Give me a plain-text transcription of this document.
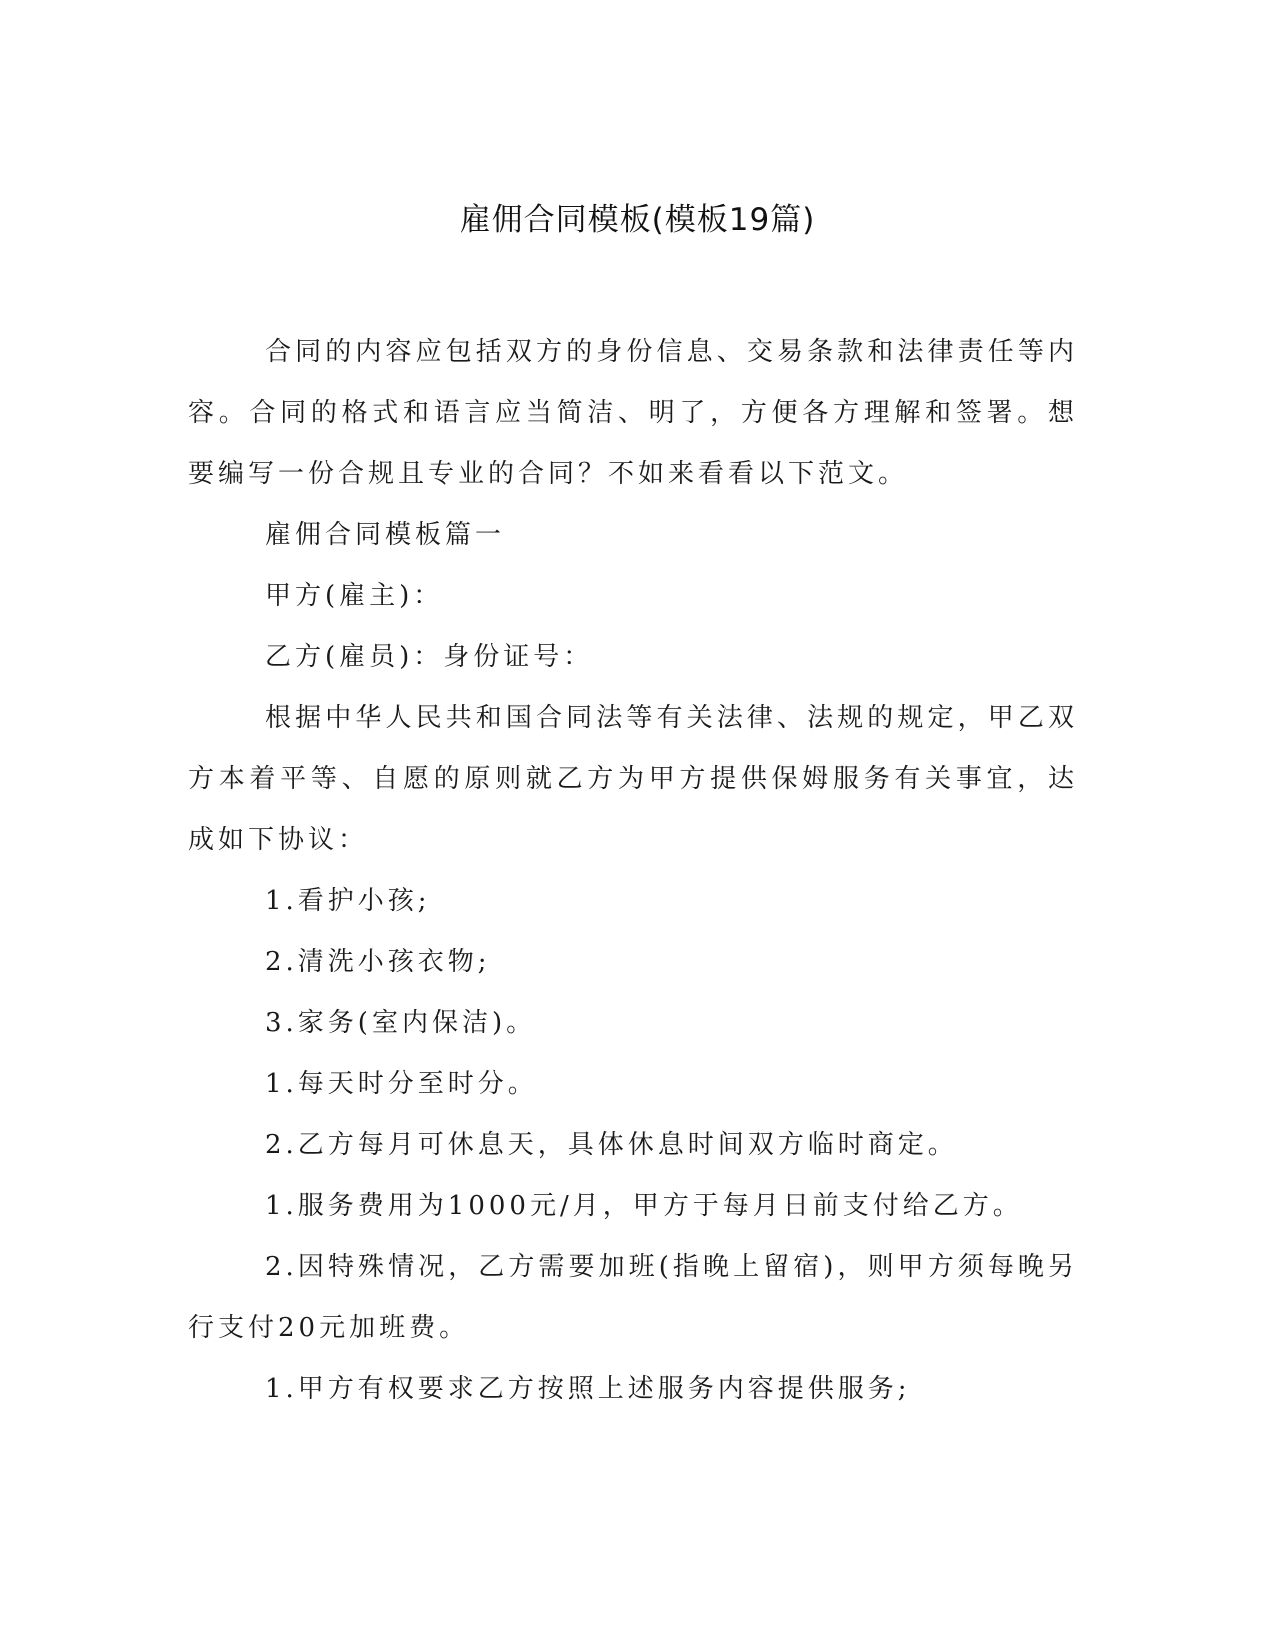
雇佣合同模板(模板19篇)

合同的内容应包括双方的身份信息、交易条款和法律责任等内容。合同的格式和语言应当简洁、明了，方便各方理解和签署。想要编写一份合规且专业的合同？不如来看看以下范文。

雇佣合同模板篇一

甲方(雇主)：

乙方(雇员)：身份证号：

根据中华人民共和国合同法等有关法律、法规的规定，甲乙双方本着平等、自愿的原则就乙方为甲方提供保姆服务有关事宜，达成如下协议：

1.看护小孩;

2.清洗小孩衣物;

3.家务(室内保洁)。

1.每天时分至时分。

2.乙方每月可休息天，具体休息时间双方临时商定。

1.服务费用为1000元/月，甲方于每月日前支付给乙方。

2.因特殊情况，乙方需要加班(指晚上留宿)，则甲方须每晚另行支付20元加班费。

1.甲方有权要求乙方按照上述服务内容提供服务;
